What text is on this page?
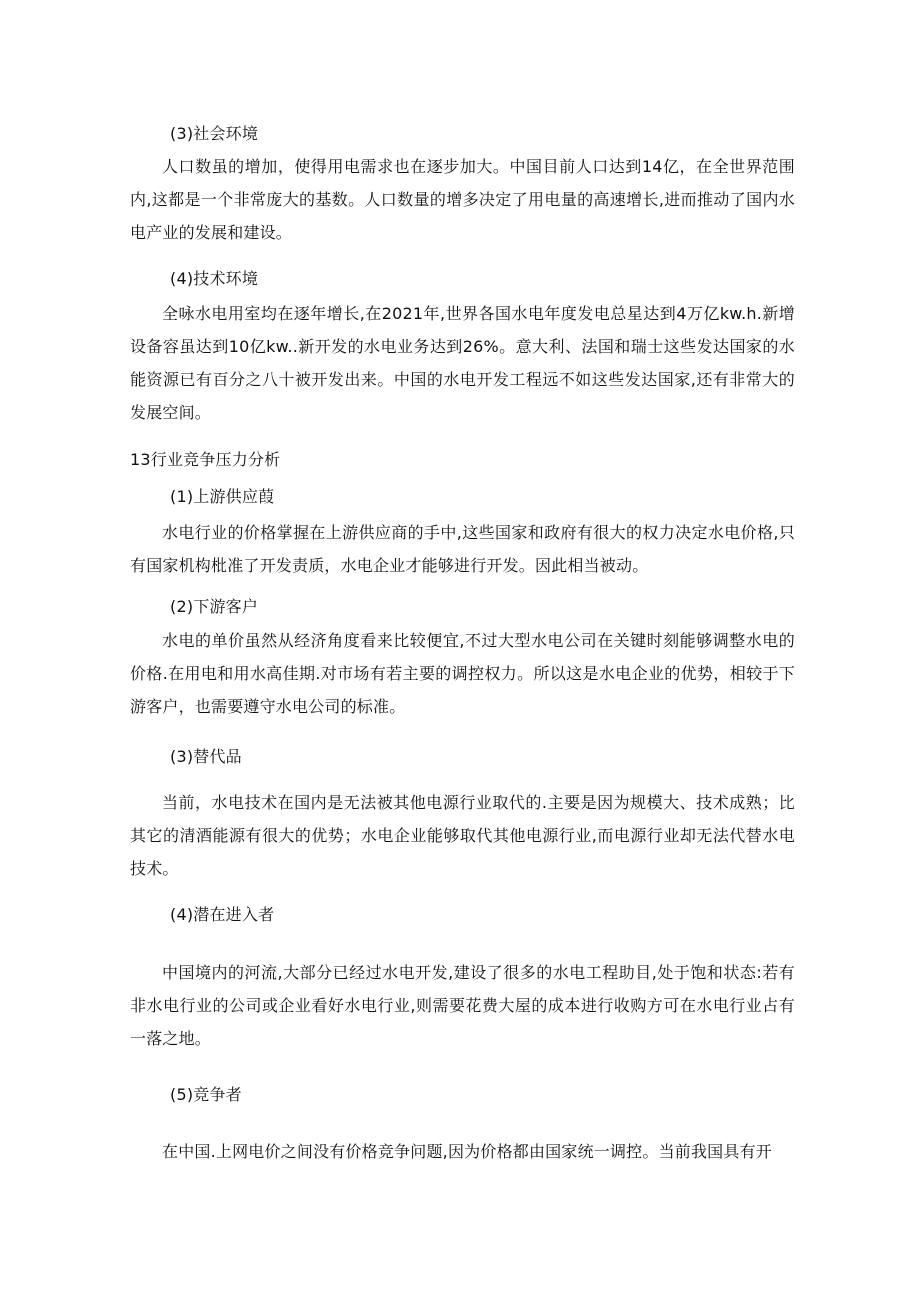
(3)社会环境

人口数虽的增加，使得用电需求也在逐步加大。中国目前人口达到14亿，在全世界范围内,这都是一个非常庞大的基数。人口数量的增多决定了用电量的高速增长,进而推动了国内水电产业的发展和建设。

(4)技术环境

全咏水电用室均在逐年增长,在2021年,世界各国水电年度发电总星达到4万亿kw.h.新增设备容虽达到10亿kw..新开发的水电业务达到26%。意大利、法国和瑞士这些发达国家的水能资源已有百分之八十被开发出来。中国的水电开发工程远不如这些发达国家,还有非常大的发展空间。

13行业竞争压力分析

(1)上游供应葭

水电行业的价格掌握在上游供应商的手中,这些国家和政府有很大的权力决定水电价格,只有国家机构枇准了开发责质，水电企业才能够进行开发。因此相当被动。

(2)下游客户

水电的单价虽然从经济角度看来比较便宜,不过大型水电公司在关键时刻能够调整水电的价格.在用电和用水高佳期.对市场有若主要的调控权力。所以这是水电企业的优势，相较于下游客户，也需要遵守水电公司的标准。

(3)替代品

当前，水电技术在国内是无法被其他电源行业取代的.主要是因为规模大、技术成熟；比其它的清酒能源有很大的优势；水电企业能够取代其他电源行业,而电源行业却无法代替水电技术。

(4)潜在进入者

中国境内的河流,大部分已经过水电开发,建设了很多的水电工程助目,处于饱和状态:若有非水电行业的公司或企业看好水电行业,则需要花费大屋的成本进行收购方可在水电行业占有一落之地。

(5)竞争者

在中国.上网电价之间没有价格竞争问题,因为价格都由国家统一调控。当前我国具有开
